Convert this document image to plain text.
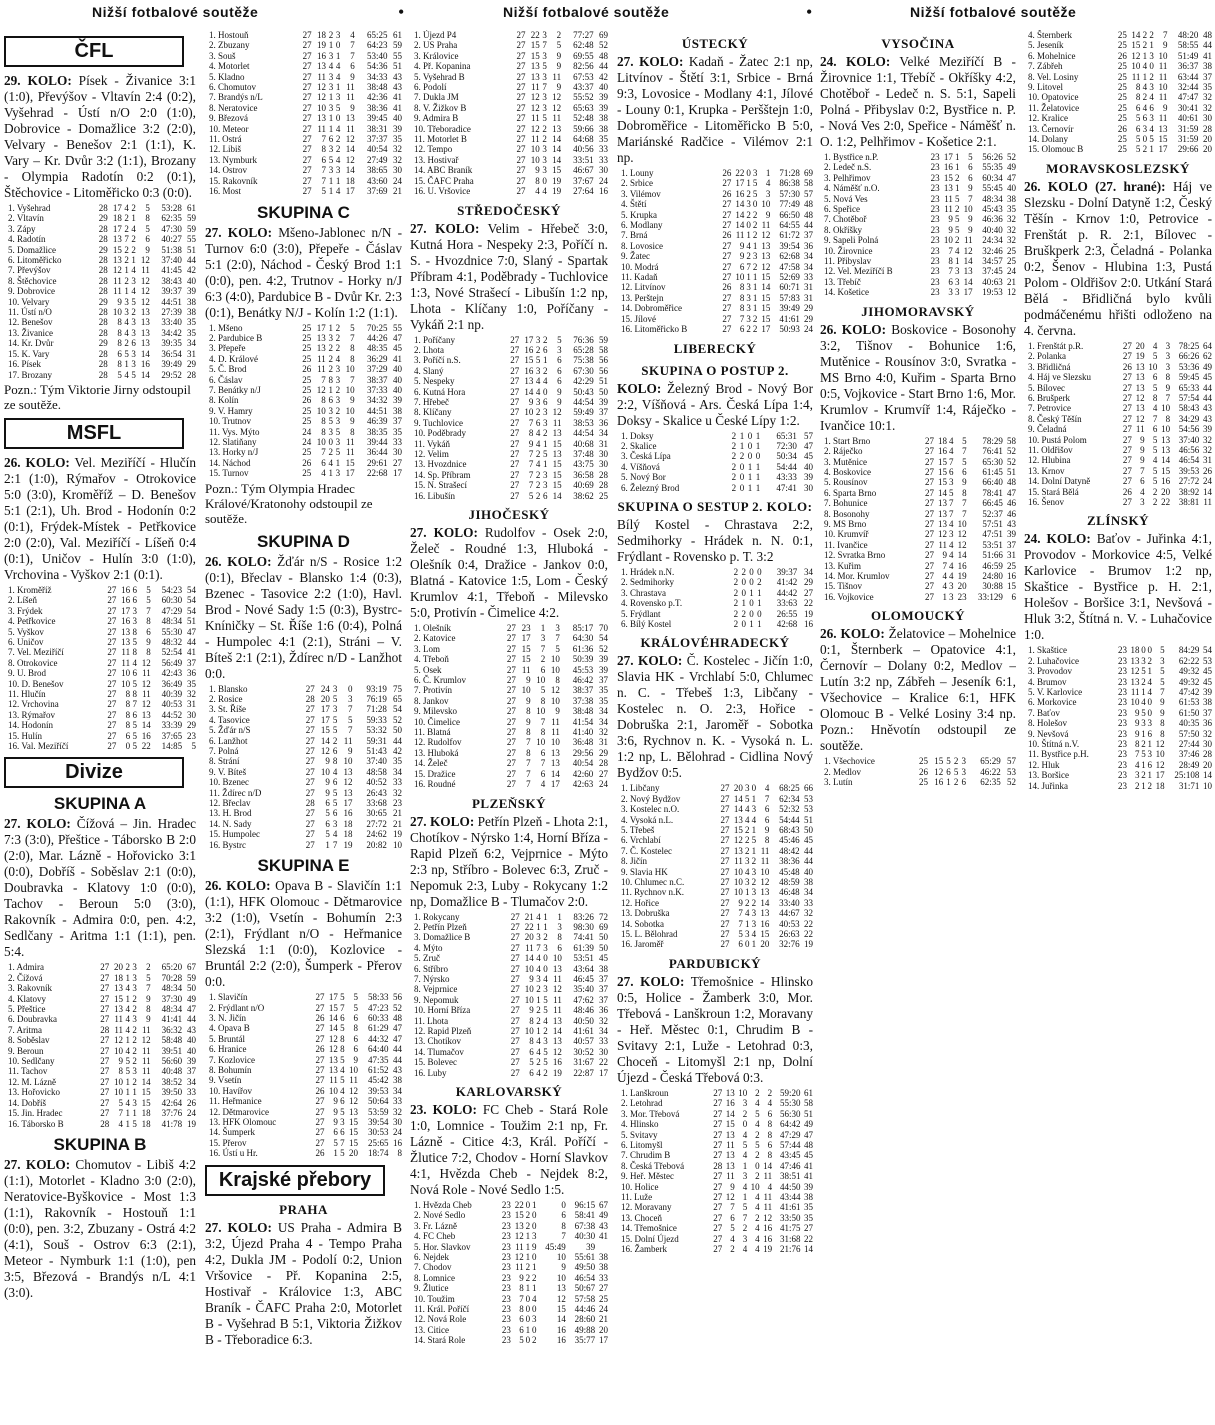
Nižší fotbalové soutěže	•	Nižší fotbalové soutěže	•	Nižší fotbalové soutěže
ČFL
29. KOLO: Písek - Živanice 3:1 (1:0), Převýšov - Vltavín 2:4 (0:2), Vyšehrad - Ústí n/O 2:0 (1:0), Dobrovice - Domažlice 3:2 (2:0), Velvary - Benešov 2:1 (1:1), K. Vary – Kr. Dvůr 3:2 (1:1), Brozany - Olympia Radotín 0:2 (0:1), Štěchovice - Litoměřicko 0:3 (0:0).
1. Vyšehrad	28	17	4	2	5	53:28	61
2. Vltavín	29	18	2	1	8	62:35	59
3. Zápy	28	17	2	4	5	47:30	59
4. Radotín	28	13	7	2	6	40:27	55
5. Domažlice	29	15	2	2	9	51:38	51
6. Litoměřicko	28	13	2	1	12	37:40	44
7. Převýšov	28	12	1	4	11	41:45	42
8. Štěchovice	28	11	2	3	12	38:43	40
9. Dobrovice	28	11	1	4	12	39:37	39
10. Velvary	29	9	3	5	12	44:51	38
11. Ústí n/O	28	10	3	2	13	27:39	38
12. Benešov	28	8	4	3	13	33:40	35
13. Živanice	28	8	4	3	13	34:42	35
14. Kr. Dvůr	29	8	2	6	13	39:35	34
15. K. Vary	28	6	5	3	14	36:54	31
16. Písek	28	8	1	3	16	39:49	29
17. Brozany	28	5	4	5	14	29:52	28
Pozn.: Tým Viktorie Jirny odstoupil ze soutěže.
MSFL
26. KOLO: Vel. Meziříčí - Hlučín 2:1 (1:0), Rýmařov - Otrokovice 5:0 (3:0), Kroměříž – D. Benešov 5:1 (2:1), Uh. Brod - Hodonín 0:2 (0:1), Frýdek-Místek - Petřkovice 2:0 (2:0), Val. Meziříčí - Líšeň 0:4 (0:1), Uničov - Hulín 3:0 (1:0), Vrchovina - Vyškov 2:1 (0:1).
1. Kroměříž	27	16	6	5	54:23	54
2. Líšeň	27	16	6	5	60:30	54
3. Frýdek	27	17	3	7	47:29	54
4. Petřkovice	27	16	3	8	48:34	51
5. Vyškov	27	13	8	6	55:30	47
6. Uničov	27	13	5	9	48:32	44
7. Vel. Meziříčí	27	11	8	8	52:54	41
8. Otrokovice	27	11	4	12	56:49	37
9. U. Brod	27	10	6	11	42:43	36
10. D. Benešov	27	10	5	12	36:49	35
11. Hlučín	27	8	8	11	40:39	32
12. Vrchovina	27	8	7	12	40:53	31
13. Rýmařov	27	8	6	13	44:52	30
14. Hodonín	27	8	5	14	33:39	29
15. Hulín	27	6	5	16	37:65	23
16. Val. Meziříčí	27	0	5	22	14:85	5
Divize
SKUPINA A
27. KOLO: Čížová – Jin. Hradec 7:3 (3:0), Přeštice - Táborsko B 2:0 (2:0), Mar. Lázně - Hořovicko 3:1 (0:0), Dobříš - Soběslav 2:1 (0:0), Doubravka - Klatovy 1:0 (0:0), Tachov - Beroun 5:0 (3:0), Rakovník - Admira 0:0, pen. 4:2, Sedlčany - Aritma 1:1 (1:1), pen. 5:4.
1. Admira	27	20	2	3	2	65:20	67
2. Čížová	27	18	1	3	5	70:28	59
3. Rakovník	27	13	4	3	7	48:34	50
4. Klatovy	27	15	1	2	9	37:30	49
5. Přeštice	27	13	4	2	8	48:34	47
6. Doubravka	27	11	4	3	9	41:41	44
7. Aritma	28	11	4	2	11	36:32	43
8. Soběslav	27	12	1	2	12	58:48	40
9. Beroun	27	10	4	2	11	39:51	40
10. Sedlčany	27	9	5	2	11	56:60	39
11. Tachov	27	8	5	3	11	40:48	37
12. M. Lázně	27	10	1	2	14	38:52	34
13. Hořovicko	27	10	1	1	15	39:50	33
14. Dobříš	27	5	4	3	15	42:64	26
15. Jin. Hradec	27	7	1	1	18	37:76	24
16. Táborsko B	28	4	1	5	18	41:78	19
SKUPINA B
27. KOLO: Chomutov - Libiš 4:2 (1:1), Motorlet - Kladno 3:0 (2:0), Neratovice-Byškovice - Most 1:3 (1:1), Rakovník - Hostouň 1:1 (0:0), pen. 3:2, Zbuzany - Ostrá 4:2 (4:1), Souš - Ostrov 6:3 (2:1), Meteor - Nymburk 1:1 (1:0), pen 3:5, Březová - Brandýs n/L 4:1 (3:0).
1. Hostouň	27	18	2	3	4	65:25	61
2. Zbuzany	27	19	1	0	7	64:23	59
3. Souš	27	16	3	1	7	53:40	55
4. Motorlet	27	13	4	4	6	54:36	51
5. Kladno	27	11	3	4	9	34:33	43
6. Chomutov	27	12	3	1	11	38:48	43
7. Brandýs n/L	27	12	1	3	11	42:36	41
8. Neratovice	27	10	3	5	9	38:36	41
9. Březová	27	13	1	0	13	39:45	40
10. Meteor	27	11	1	4	11	38:31	39
11. Ostrá	27	7	6	2	12	37:37	35
12. Libiš	27	8	3	2	14	40:54	32
13. Nymburk	27	6	5	4	12	27:49	32
14. Ostrov	27	7	3	3	14	38:65	30
15. Rakovník	27	7	1	1	18	43:60	24
16. Most	27	5	1	4	17	37:69	21
SKUPINA C
27. KOLO: Mšeno-Jablonec n/N - Turnov 6:0 (3:0), Přepeře - Čáslav 5:1 (2:0), Náchod - Český Brod 1:1 (0:0), pen. 4:2, Trutnov - Horky n/J 6:3 (4:0), Pardubice B - Dvůr Kr. 2:3 (0:1), Benátky N/J - Kolín 1:2 (1:1).
1. Mšeno	25	17	1	2	5	70:25	55
2. Pardubice B	25	13	3	2	7	44:26	47
3. Přepeře	25	13	2	2	8	48:35	45
4. D. Králové	25	11	2	4	8	36:29	41
5. Č. Brod	26	11	2	3	10	37:29	40
6. Čáslav	25	7	8	3	7	38:37	40
7. Benátky n/J	25	12	1	2	10	37:33	40
8. Kolín	26	8	6	3	9	34:32	39
9. V. Hamry	25	10	3	2	10	44:51	38
10. Trutnov	25	8	5	3	9	46:39	37
11. Vys. Mýto	24	8	3	5	8	38:35	35
12. Slatiňany	24	10	0	3	11	39:44	33
13. Horky n/J	25	7	2	5	11	36:44	30
14. Náchod	26	6	4	1	15	29:61	27
15. Turnov	25	4	1	3	17	22:68	17
Pozn.: Tým Olympia Hradec Králové/Kratonohy odstoupil ze soutěže.
SKUPINA D
26. KOLO: Žďár n/S - Rosice 1:2 (0:1), Břeclav - Blansko 1:4 (0:3), Bzenec - Tasovice 2:2 (1:0), Havl. Brod - Nové Sady 1:5 (0:3), Bystrc-Kníničky – St. Říše 1:6 (0:4), Polná - Humpolec 4:1 (2:1), Stráni – V. Bíteš 2:1 (2:1), Ždírec n/D - Lanžhot 0:0.
1. Blansko	27	24	3	0	93:19	75
2. Rosice	28	20	5	3	76:19	65
3. St. Říše	27	17	3	7	71:28	54
4. Tasovice	27	17	5	5	59:33	52
5. Žďár n/S	27	15	5	7	53:32	50
6. Lanžhot	27	14	2	11	59:31	44
7. Polná	27	12	6	9	51:43	42
8. Strání	27	9	8	10	37:40	35
9. V. Bíteš	27	10	4	13	48:58	34
10. Bzenec	27	9	6	12	40:52	33
11. Ždírec n/D	27	9	5	13	26:43	32
12. Břeclav	28	6	5	17	33:68	23
13. H. Brod	27	5	6	16	30:65	21
14. N. Sady	27	6	3	18	27:72	21
15. Humpolec	27	5	4	18	24:62	19
16. Bystrc	27	1	7	19	20:82	10
SKUPINA E
26. KOLO: Opava B - Slavičín 1:1 (1:1), HFK Olomouc - Dětmarovice 3:2 (1:0), Vsetín - Bohumín 2:3 (2:1), Frýdlant n/O - Heřmanice Slezská 1:1 (0:0), Kozlovice - Bruntál 2:2 (2:0), Šumperk - Přerov 0:0.
1. Slavičín	27	17	5	5	58:33	56
2. Frýdlant n/O	27	15	7	5	47:23	52
3. N. Jičín	26	14	6	6	60:33	48
4. Opava B	27	14	5	8	61:29	47
5. Bruntál	27	12	8	6	44:32	47
6. Hranice	26	12	8	6	64:40	44
7. Kozlovice	27	13	5	9	47:35	44
8. Bohumín	27	13	4	10	61:52	43
9. Vsetín	27	11	5	11	45:42	38
10. Havířov	26	10	4	12	39:53	34
11. Heřmanice	27	9	6	12	50:64	33
12. Dětmarovice	27	9	5	13	53:59	32
13. HFK Olomouc	27	9	3	15	39:54	30
14. Šumperk	27	6	6	15	30:53	24
15. Přerov	27	5	7	15	25:65	16
16. Ústí u Hr.	26	1	5	20	18:74	8
Krajské přebory
PRAHA
27. KOLO: US Praha - Admira B 3:2, Újezd Praha 4 - Tempo Praha 4:2, Dukla JM - Podolí 0:2, Union Vršovice - Př. Kopanina 2:5, Hostivař - Královice 1:3, ABC Braník - ČAFC Praha 2:0, Motorlet B - Vyšehrad B 5:1, Viktoria Žižkov B - Třeboradice 6:3.
1. Újezd P4	27	22	3	2	77:27	69
2. US Praha	27	15	7	5	62:48	52
3. Královice	27	15	3	9	69:55	48
4. Př. Kopanina	27	13	5	9	82:56	44
5. Vyšehrad B	27	13	3	11	67:53	42
6. Podolí	27	11	7	9	43:37	40
7. Dukla JM	27	12	3	12	55:52	39
8. V. Žižkov B	27	12	3	12	65:63	39
9. Admira B	27	11	5	11	52:48	38
10. Třeboradice	27	12	2	13	59:66	38
11. Motorlet B	27	11	2	14	64:68	35
12. Tempo	27	10	3	14	40:56	33
13. Hostivař	27	10	3	14	33:51	33
14. ABC Braník	27	9	3	15	46:67	30
15. ČAFC Praha	27	8	0	19	37:67	24
16. U. Vršovice	27	4	4	19	27:64	16
STŘEDOČESKÝ
27. KOLO: Velim - Hřebeč 3:0, Kutná Hora - Nespeky 2:3, Poříčí n. S. - Hvozdnice 7:0, Slaný - Spartak Příbram 4:1, Poděbrady - Tuchlovice 1:3, Nové Strašecí - Libušín 1:2 np, Lhota - Klíčany 1:0, Poříčany - Vykáň 2:1 np.
1. Poříčany	27	17	3	2	5	76:36	59
2. Lhota	27	16	2	6	3	65:28	58
3. Poříčí n.S.	27	15	5	1	6	75:38	56
4. Slaný	27	16	3	2	6	67:30	56
5. Nespeky	27	13	4	4	6	42:29	51
6. Kutná Hora	27	14	4	0	9	50:43	50
7. Hřebeč	27	9	3	6	9	44:54	39
8. Klíčany	27	10	2	3	12	59:49	37
9. Tuchlovice	27	7	6	3	11	38:53	36
10. Poděbrady	27	8	4	2	13	44:54	34
11. Vykáň	27	9	4	1	15	40:68	31
12. Velim	27	7	2	5	13	37:48	30
13. Hvozdnice	27	7	4	1	15	43:75	30
14. Sp. Příbram	27	7	2	3	15	36:58	28
15. N. Strašecí	27	7	2	3	15	40:69	28
16. Libušín	27	5	2	6	14	38:62	25
JIHOČESKÝ
27. KOLO: Rudolfov - Osek 2:0, Želeč - Roudné 1:3, Hluboká - Olešník 0:4, Dražice - Jankov 0:0, Blatná - Katovice 1:5, Lom - Český Krumlov 4:1, Třeboň - Milevsko 5:0, Protivín - Čimelice 4:2.
1. Olešník	27	23	1	3	85:17	70
2. Katovice	27	17	3	7	64:30	54
3. Lom	27	15	7	5	61:36	52
4. Třeboň	27	15	2	10	50:39	39
5. Osek	27	11	6	10	45:53	39
6. Č. Krumlov	27	9	10	8	46:42	37
7. Protivín	27	10	5	12	38:37	35
8. Jankov	27	9	8	10	37:38	35
9. Milevsko	27	8	10	9	38:48	34
10. Čimelice	27	9	7	11	41:54	34
11. Blatná	27	8	8	11	41:40	32
12. Rudolfov	27	7	10	10	36:48	31
13. Hluboká	27	8	6	13	29:56	29
14. Želeč	27	7	7	13	40:54	28
15. Dražice	27	7	6	14	42:60	27
16. Roudné	27	7	4	17	42:63	24
PLZEŇSKÝ
27. KOLO: Petřín Plzeň - Lhota 2:1, Chotíkov - Nýrsko 1:4, Horní Bříza - Rapid Plzeň 6:2, Vejprnice - Mýto 2:3 np, Stříbro - Bolevec 6:3, Zruč - Nepomuk 2:3, Luby - Rokycany 1:2 np, Domažlice B - Tlumačov 2:0.
1. Rokycany	27	21	4	1	1	83:26	72
2. Petřín Plzeň	27	22	1	1	3	98:30	69
3. Domažlice B	27	20	3	2	8	74:41	50
4. Mýto	27	11	7	3	6	61:39	50
5. Zruč	27	14	4	0	10	53:51	45
6. Stříbro	27	10	4	0	13	43:64	38
7. Nýrsko	27	9	3	4	11	46:45	37
8. Vejprnice	27	10	2	3	12	35:40	37
9. Nepomuk	27	10	1	5	11	47:62	37
10. Horní Bříza	27	9	2	5	11	48:46	36
11. Lhota	27	8	2	4	13	40:50	32
12. Rapid Plzeň	27	10	1	2	14	41:61	34
13. Chotíkov	27	8	4	3	13	40:57	33
14. Tlumačov	27	6	4	5	12	30:52	30
15. Bolevec	27	5	2	5	16	31:67	22
16. Luby	27	6	4	2	19	22:87	17
KARLOVARSKÝ
23. KOLO: FC Cheb - Stará Role 1:0, Lomnice - Toužim 2:1 np, Fr. Lázně - Citice 4:3, Král. Poříčí - Žlutice 7:2, Chodov - Horní Slavkov 4:1, Hvězda Cheb - Nejdek 8:2, Nová Role - Nové Sedlo 1:5.
1. Hvězda Cheb	23	22	0	1	0	96:15	67
2. Nové Sedlo	23	15	2	0	6	58:41	49
3. Fr. Lázně	23	13	2	0	8	67:38	43
4. FC Cheb	23	12	1	3	7	40:30	41
5. Hor. Slavkov	23	11	1	9	45:49	39	
6. Nejdek	23	12	1	0	10	55:61	38
7. Chodov	23	11	2	1	9	49:50	38
8. Lomnice	23	9	2	2	10	46:54	33
9. Žlutice	23	8	1	1	13	50:67	27
10. Toužim	23	7	0	4	12	57:58	25
11. Král. Poříčí	23	8	0	0	15	44:46	24
12. Nová Role	23	6	0	3	14	28:60	21
13. Citice	23	6	1	0	16	49:88	20
14. Stará Role	23	5	0	2	16	35:77	17
ÚSTECKÝ
27. KOLO: Kadaň - Žatec 2:1 np, Litvínov - Štětí 3:1, Srbice - Brná 9:3, Lovosice - Modlany 4:1, Jílové - Louny 0:1, Krupka - Peršštejn 1:0, Dobroměřice - Litoměřicko B 5:0, Mariánské Radčice - Vilémov 2:1 np.
1. Louny	26	22	0	3	1	71:28	69
2. Srbice	27	17	1	5	4	86:38	58
3. Vilémov	26	16	2	5	3	57:30	57
4. Štětí	27	14	3	0	10	77:49	48
5. Krupka	27	14	2	2	9	66:50	48
6. Modlany	27	14	0	2	11	64:55	44
7. Brná	26	11	1	2	12	61:72	37
8. Lovosice	27	9	4	1	13	39:54	36
9. Žatec	27	9	2	3	13	62:68	34
10. Modrá	27	6	7	2	12	47:58	34
11. Kadaň	27	10	1	1	15	52:69	33
12. Litvínov	26	8	3	1	14	60:71	31
13. Perštejn	27	8	3	1	15	57:83	31
14. Dobroměřice	27	8	3	1	15	39:49	29
15. Jílové	27	7	3	2	15	41:61	29
16. Litoměřicko B	27	6	2	2	17	50:93	24
LIBERECKÝ
SKUPINA O POSTUP 2.
KOLO: Železný Brod - Nový Bor 2:2, Víšňová - Ars. Česká Lípa 1:4, Doksy - Skalice u České Lípy 1:2.
1. Doksy	2	1	0	1	65:31	57
2. Skalice	2	1	0	1	72:30	47
3. Česká Lípa	2	2	0	0	50:34	45
4. Víšňová	2	0	1	1	54:44	40
5. Nový Bor	2	0	1	1	43:33	39
6. Železný Brod	2	0	1	1	47:41	30
SKUPINA O SESTUP 2. KOLO:
Bílý Kostel - Chrastava 2:2, Sedmihorky - Hrádek n. N. 0:1, Frýdlant - Rovensko p. T. 3:2
1. Hrádek n.N.	2	2	0	0	39:37	34
2. Sedmihorky	2	0	0	2	41:42	29
3. Chrastava	2	0	1	1	44:42	27
4. Rovensko p.T.	2	1	0	1	33:63	22
5. Frýdlant	2	2	0	0	26:55	19
6. Bílý Kostel	2	0	1	1	42:68	16
KRÁLOVÉHRADECKÝ
27. KOLO: Č. Kostelec - Jičín 1:0, Slavia HK - Vrchlabí 5:0, Chlumec n. C. - Třebeš 1:3, Libčany - Kostelec n. O. 2:3, Hořice - Dobruška 2:1, Jaroměř - Sobotka 3:6, Rychnov n. K. - Vysoká n. L. 1:2 np, L. Bělohrad - Cidlina Nový Bydžov 0:5.
1. Libčany	27	20	3	0	4	68:25	66
2. Nový Bydžov	27	14	5	1	7	62:34	53
3. Kostelec n.O.	27	14	4	3	6	52:32	53
4. Vysoká n.L.	27	13	4	4	6	54:44	51
5. Třebeš	27	15	2	1	9	68:43	50
6. Vrchlabí	27	12	2	5	8	45:46	45
7. Č. Kostelec	27	13	2	1	11	48:42	44
8. Jičín	27	11	3	2	11	38:36	44
9. Slavia HK	27	10	4	3	10	45:48	40
10. Chlumec n.C.	27	10	3	2	12	48:59	38
11. Rychnov n.K.	27	10	1	3	13	46:48	34
12. Hořice	27	9	2	2	14	33:40	33
13. Dobruška	27	7	4	3	13	44:67	32
14. Sobotka	27	7	1	3	16	40:53	22
15. L. Bělohrad	27	5	3	4	15	26:63	22
16. Jaroměř	27	6	0	1	20	32:76	19
PARDUBICKÝ
27. KOLO: Třemošnice - Hlinsko 0:5, Holice - Žamberk 3:0, Mor. Třebová - Lanškroun 1:2, Moravany - Heř. Městec 0:1, Chrudim B - Svitavy 2:1, Luže - Letohrad 0:3, Choceň - Litomyšl 2:1 np, Dolní Újezd - Česká Třebová 0:3.
1. Lanškroun	27	13	10	2	2	59:20	61
2. Letohrad	27	16	3	4	4	55:30	58
3. Mor. Třebová	27	14	2	5	6	56:30	51
4. Hlinsko	27	15	0	4	8	64:42	49
5. Svitavy	27	13	4	2	8	47:29	47
6. Litomyšl	27	11	5	5	6	57:44	48
7. Chrudim B	27	13	4	2	8	43:45	45
8. Česká Třebová	28	13	1	0	14	47:46	41
9. Heř. Městec	27	11	3	2	11	38:51	41
10. Holice	27	9	4	10	4	44:50	39
11. Luže	27	12	1	4	11	43:44	38
12. Moravany	27	7	5	4	11	41:61	35
13. Choceň	27	6	7	2	12	33:50	35
14. Třemošnice	27	5	2	4	16	41:75	27
15. Dolní Újezd	27	4	3	4	16	31:68	22
16. Žamberk	27	2	4	4	19	21:76	14
VYSOČINA
24. KOLO: Velké Meziříčí B - Žirovnice 1:1, Třebíč - Okříšky 4:2, Chotěboř - Ledeč n. S. 5:1, Sapeli Polná - Přibyslav 0:2, Bystřice n. P. - Nová Ves 2:0, Speřice - Náměšť n. O. 1:2, Pelhřimov - Košetice 2:1.
1. Bystřice n.P.	23	17	1	5	56:26	52
2. Ledeč n.S.	23	16	1	6	55:35	49
3. Pelhřimov	23	15	2	6	60:34	47
4. Náměšť n.O.	23	13	1	9	55:45	40
5. Nová Ves	23	11	5	7	48:34	38
6. Speřice	23	11	2	10	45:43	35
7. Chotěboř	23	9	5	9	46:36	32
8. Okříšky	23	9	5	9	40:40	32
9. Sapeli Polná	23	10	2	11	24:34	32
10. Žirovnice	23	7	4	12	32:46	25
11. Přibyslav	23	8	1	14	34:57	25
12. Vel. Meziříčí B	23	7	3	13	37:45	24
13. Třebíč	23	6	3	14	40:63	21
14. Košetice	23	3	3	17	19:53	12
JIHOMORAVSKÝ
26. KOLO: Boskovice - Bosonohy 3:2, Tišnov - Bohunice 1:6, Mutěnice - Rousínov 3:0, Svratka - MS Brno 4:0, Kuřim - Sparta Brno 0:5, Vojkovice - Start Brno 1:6, Mor. Krumlov - Krumvíř 1:4, Ráječko - Ivančice 10:1.
1. Start Brno	27	18	4	5	78:29	58
2. Ráječko	27	16	4	7	76:41	52
3. Mutěnice	27	15	7	5	65:30	52
4. Boskovice	27	15	6	6	61:45	51
5. Rousínov	27	15	3	9	66:40	48
6. Sparta Brno	27	14	5	8	78:41	47
7. Bohunice	27	13	7	7	66:45	46
8. Bosonohy	27	13	7	7	52:37	46
9. MS Brno	27	13	4	10	57:51	43
10. Krumvíř	27	12	3	12	47:51	39
11. Ivančice	27	11	4	12	53:51	37
12. Svratka Brno	27	9	4	14	51:66	31
13. Kuřim	27	7	4	16	46:59	25
14. Mor. Krumlov	27	4	4	19	24:80	16
15. Tišnov	27	4	3	20	30:88	15
16. Vojkovice	27	1	3	23	33:129	6
OLOMOUCKÝ
26. KOLO: Želatovice – Mohelnice 0:1, Šternberk – Opatovice 4:1, Černovír – Dolany 0:2, Medlov – Lutín 3:2 np, Zábřeh – Jeseník 6:1, Všechovice – Kralice 6:1, HFK Olomouc B - Velké Losiny 3:4 np. Pozn.: Hněvotín odstoupil ze soutěže.
1. Všechovice	25	15	5	2	3	65:29	57
2. Medlov	26	12	6	5	3	46:22	53
3. Lutín	25	16	1	2	6	62:35	52
4. Šternberk	25	14	2	2	7	48:20	48
5. Jeseník	25	15	2	1	9	58:55	44
6. Mohelnice	26	12	1	3	10	51:49	41
7. Zábřeh	25	10	4	0	11	36:37	38
8. Vel. Losiny	25	11	1	2	11	63:44	37
9. Litovel	25	8	4	3	10	32:44	35
10. Opatovice	25	8	2	4	11	47:47	32
11. Želatovice	25	6	4	6	9	30:41	32
12. Kralice	25	5	6	3	11	40:61	30
13. Černovír	26	6	3	4	13	31:59	28
14. Dolany	25	5	0	5	15	31:59	20
15. Olomouc B	25	5	2	1	17	29:66	20
MORAVSKOSLEZSKÝ
26. KOLO (27. hrané): Háj ve Slezsku - Dolní Datyně 1:2, Český Těšín - Krnov 1:0, Petrovice - Frenštát p. R. 2:1, Bílovec - Bruškperk 2:3, Čeladná - Polanka 0:2, Šenov - Hlubina 1:3, Pustá Polom - Oldřišov 2:0. Utkání Stará Bělá - Břidličná bylo kvůli podmáčenému hřišti odloženo na 4. června.
1. Frenštát p.R.	27	20	4	3	78:25	64
2. Polanka	27	19	5	3	66:26	62
3. Břidličná	26	13	10	3	53:36	49
4. Háj ve Slezsku	27	13	6	8	59:45	45
5. Bílovec	27	13	5	9	65:33	44
6. Brušperk	27	12	8	7	57:54	44
7. Petrovice	27	13	4	10	58:43	43
8. Český Těšín	27	12	7	8	34:29	43
9. Čeladná	27	11	6	10	54:56	39
10. Pustá Polom	27	9	5	13	37:40	32
11. Oldřišov	27	9	5	13	46:56	32
12. Hlubina	27	9	4	14	46:54	31
13. Krnov	27	7	5	15	39:53	26
14. Dolní Datyně	27	6	5	16	27:72	24
15. Stará Bělá	26	4	2	20	38:92	14
16. Šenov	27	3	2	22	38:81	11
ZLÍNSKÝ
24. KOLO: Baťov - Juřinka 4:1, Provodov - Morkovice 4:5, Velké Karlovice - Brumov 1:2 np, Skaštice - Bystřice p. H. 2:1, Holešov - Boršice 3:1, Nevšová - Hluk 3:2, Štítná n. V. - Luhačovice 1:0.
1. Skaštice	23	18	0	0	5	84:29	54
2. Luhačovice	23	13	3	2	3	62:22	53
3. Provodov	23	12	5	1	5	49:32	45
4. Brumov	23	13	2	4	5	49:32	45
5. V. Karlovice	23	11	1	4	7	47:42	39
6. Morkovice	23	10	4	0	9	61:53	38
7. Baťov	23	9	5	0	9	61:50	37
8. Holešov	23	9	3	3	8	40:35	36
9. Nevšová	23	9	1	6	8	57:50	32
10. Štítná n.V.	23	8	2	1	12	27:44	30
11. Bystřice p.H.	23	7	5	3	10	37:46	28
12. Hluk	23	4	1	6	12	28:49	20
13. Boršice	23	3	2	1	17	25:108	14
14. Juřinka	23	2	1	2	18	31:71	10
